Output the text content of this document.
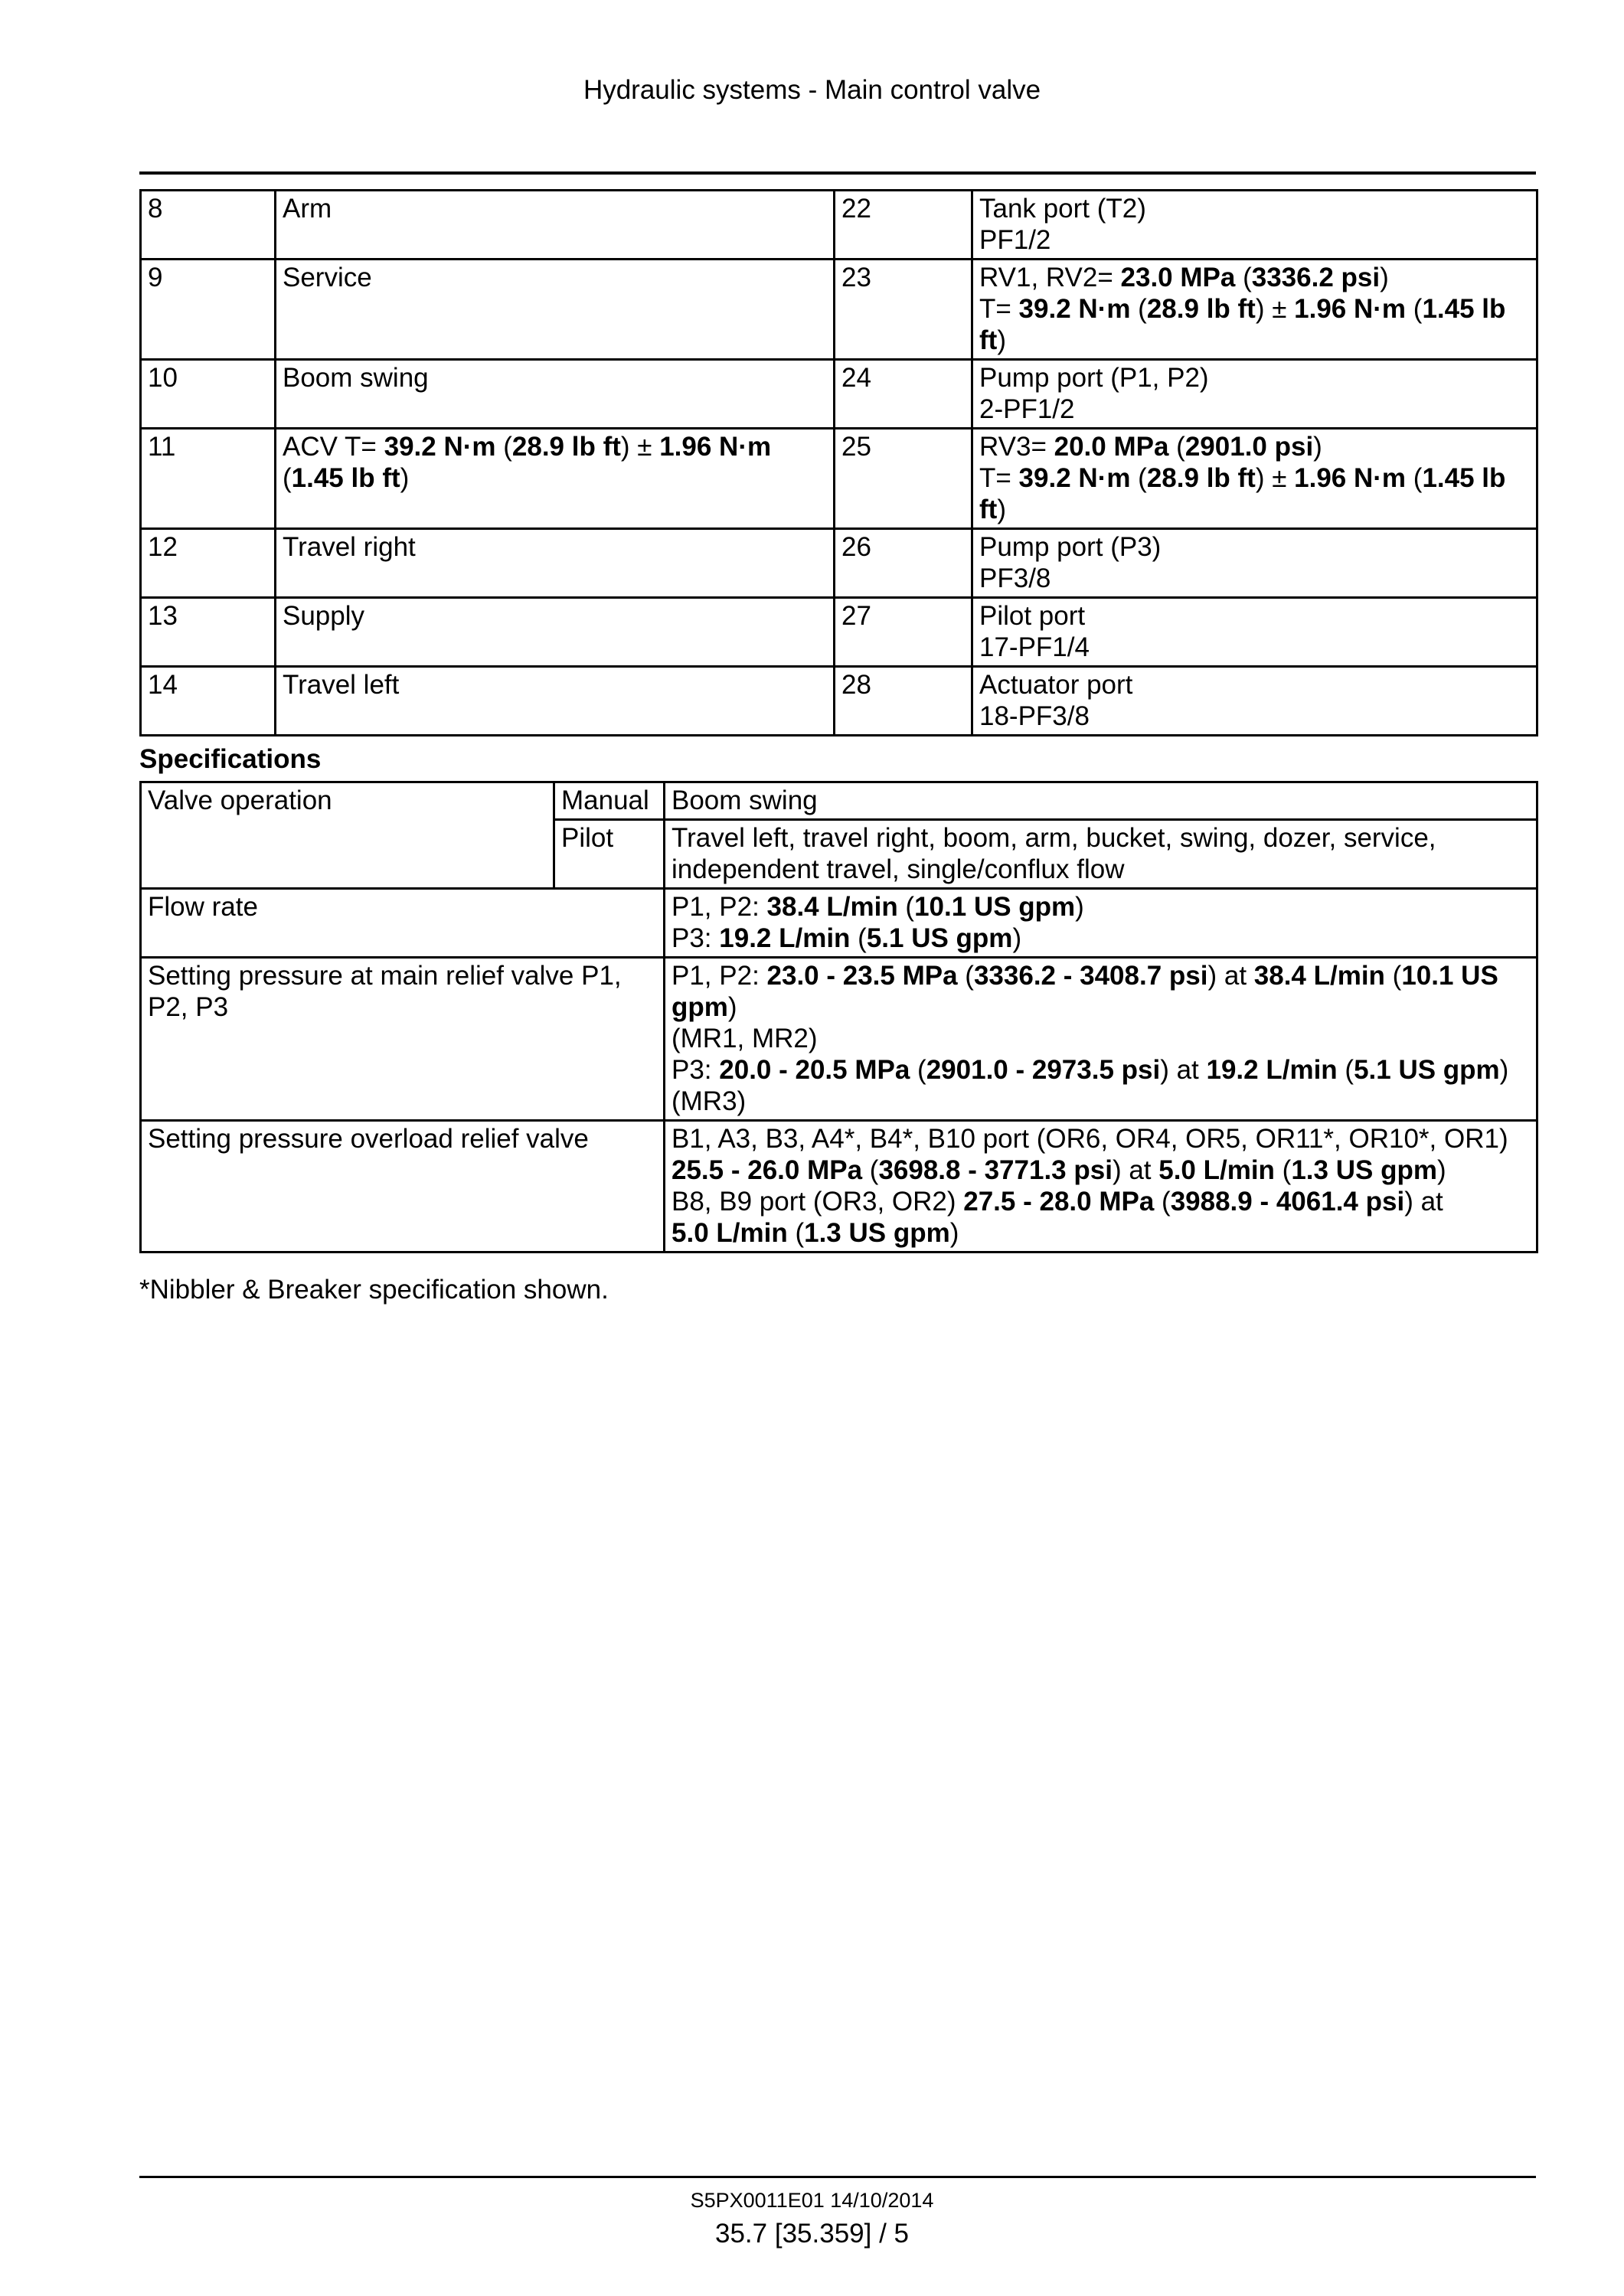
Hydraulic systems - Main control valve
8	Arm	22	Tank port (T2)
PF1/2

9	Service	23	RV1, RV2= 23.0 MPa (3336.2 psi)
T= 39.2 N·m (28.9 lb ft) ± 1.96 N·m (1.45 lb
ft)

10	Boom swing	24	Pump port (P1, P2)
2-PF1/2

11	ACV T= 39.2 N·m (28.9 lb ft) ± 1.96 N·m
(1.45 lb ft)	25	RV3= 20.0 MPa (2901.0 psi)
T= 39.2 N·m (28.9 lb ft) ± 1.96 N·m (1.45 lb
ft)

12	Travel right	26	Pump port (P3)
PF3/8

13	Supply	27	Pilot port
17-PF1/4

14	Travel left	28	Actuator port
18-PF3/8
Specifications
Valve operation	Manual	Boom swing
	Pilot	Travel left, travel right, boom, arm, bucket, swing, dozer, service,
independent travel, single/conflux flow

Flow rate		P1, P2: 38.4 L/min (10.1 US gpm)
P3: 19.2 L/min (5.1 US gpm)

Setting pressure at main relief valve P1,
P2, P3		P1, P2: 23.0 - 23.5 MPa (3336.2 - 3408.7 psi) at 38.4 L/min (10.1 US
gpm)
(MR1, MR2)
P3: 20.0 - 20.5 MPa (2901.0 - 2973.5 psi) at 19.2 L/min (5.1 US gpm)
(MR3)

Setting pressure overload relief valve		B1, A3, B3, A4*, B4*, B10 port (OR6, OR4, OR5, OR11*, OR10*, OR1)
25.5 - 26.0 MPa (3698.8 - 3771.3 psi) at 5.0 L/min (1.3 US gpm)
B8, B9 port (OR3, OR2) 27.5 - 28.0 MPa (3988.9 - 4061.4 psi) at
5.0 L/min (1.3 US gpm)
*Nibbler & Breaker specification shown.
S5PX0011E01 14/10/2014
35.7 [35.359] / 5
